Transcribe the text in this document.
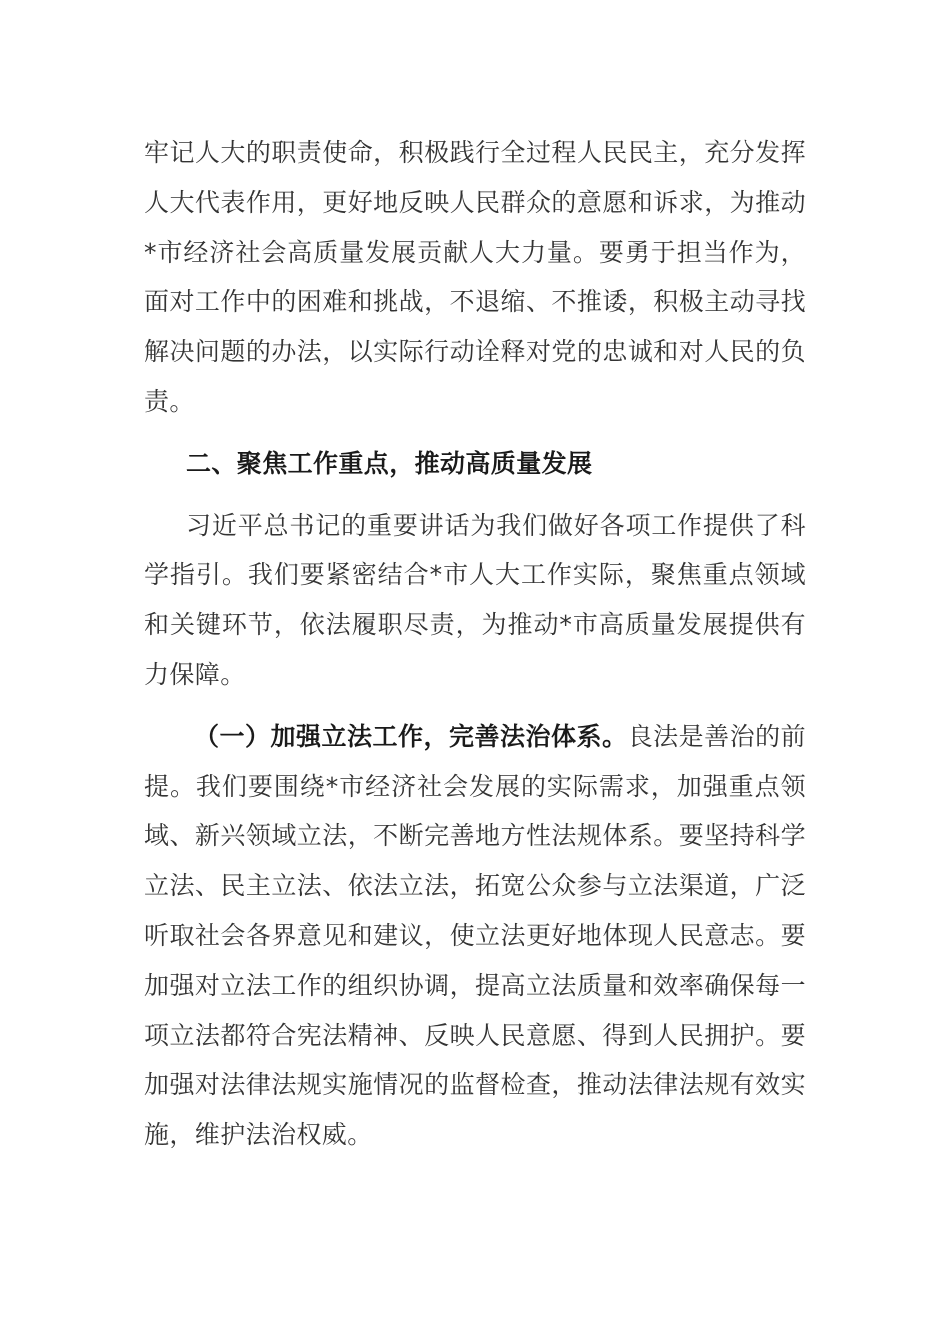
牢记人大的职责使命，积极践行全过程人民民主，充分发挥人大代表作用，更好地反映人民群众的意愿和诉求，为推动*市经济社会高质量发展贡献人大力量。要勇于担当作为，面对工作中的困难和挑战，不退缩、不推诿，积极主动寻找解决问题的办法，以实际行动诠释对党的忠诚和对人民的负责。

二、聚焦工作重点，推动高质量发展

习近平总书记的重要讲话为我们做好各项工作提供了科学指引。我们要紧密结合*市人大工作实际，聚焦重点领域和关键环节，依法履职尽责，为推动*市高质量发展提供有力保障。

（一）加强立法工作，完善法治体系。良法是善治的前提。我们要围绕*市经济社会发展的实际需求，加强重点领域、新兴领域立法，不断完善地方性法规体系。要坚持科学立法、民主立法、依法立法，拓宽公众参与立法渠道，广泛听取社会各界意见和建议，使立法更好地体现人民意志。要加强对立法工作的组织协调，提高立法质量和效率确保每一项立法都符合宪法精神、反映人民意愿、得到人民拥护。要加强对法律法规实施情况的监督检查，推动法律法规有效实施，维护法治权威。
